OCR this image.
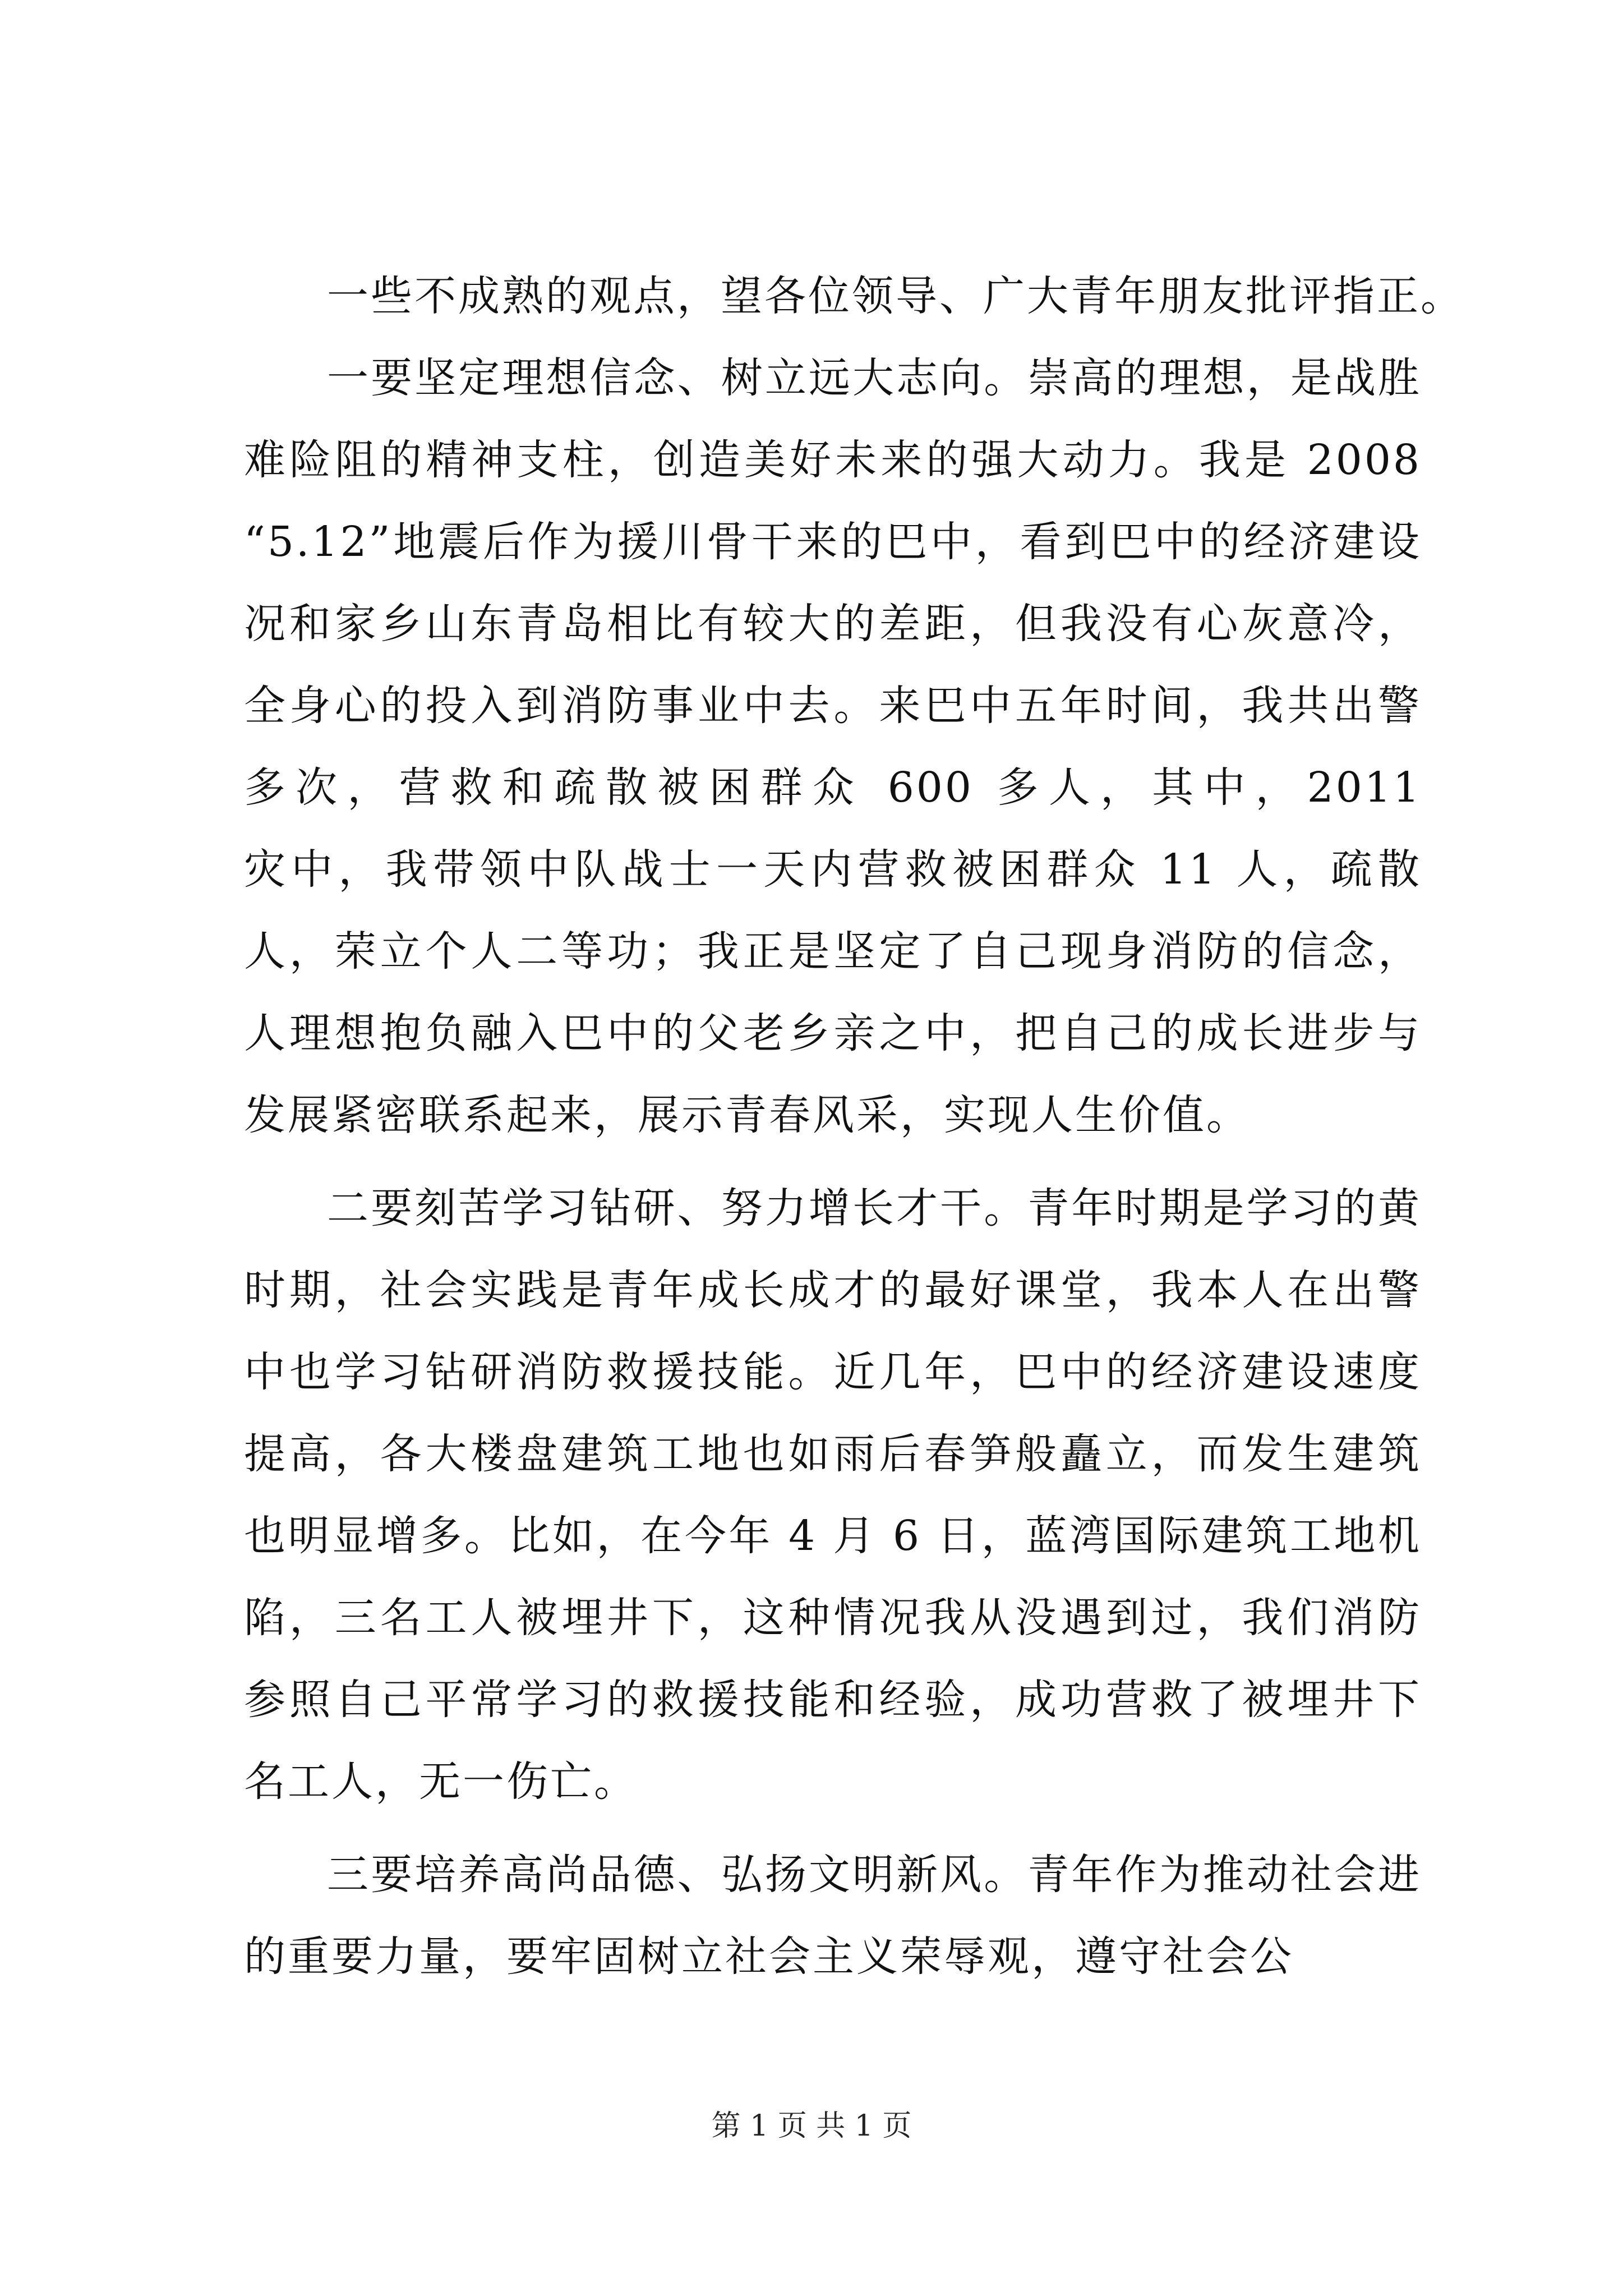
一些不成熟的观点，望各位领导、广大青年朋友批评指正。
一要坚定理想信念、树立远大志向。崇高的理想，是战胜
难险阻的精神支柱，创造美好未来的强大动力。我是 2008
“5.12”地震后作为援川骨干来的巴中，看到巴中的经济建设
况和家乡山东青岛相比有较大的差距，但我没有心灰意冷，
全身心的投入到消防事业中去。来巴中五年时间，我共出警
多次，营救和疏散被困群众 600 多人，其中，2011
灾中，我带领中队战士一天内营救被困群众 11 人，疏散
人，荣立个人二等功；我正是坚定了自己现身消防的信念，
人理想抱负融入巴中的父老乡亲之中，把自己的成长进步与
发展紧密联系起来，展示青春风采，实现人生价值。
二要刻苦学习钻研、努力增长才干。青年时期是学习的黄
时期，社会实践是青年成长成才的最好课堂，我本人在出警
中也学习钻研消防救援技能。近几年，巴中的经济建设速度
提高，各大楼盘建筑工地也如雨后春笋般矗立，而发生建筑
也明显增多。比如，在今年 4 月 6 日，蓝湾国际建筑工地机
陷，三名工人被埋井下，这种情况我从没遇到过，我们消防
参照自己平常学习的救援技能和经验，成功营救了被埋井下
名工人，无一伤亡。
三要培养高尚品德、弘扬文明新风。青年作为推动社会进
的重要力量，要牢固树立社会主义荣辱观，遵守社会公
第 1 页 共 1 页
